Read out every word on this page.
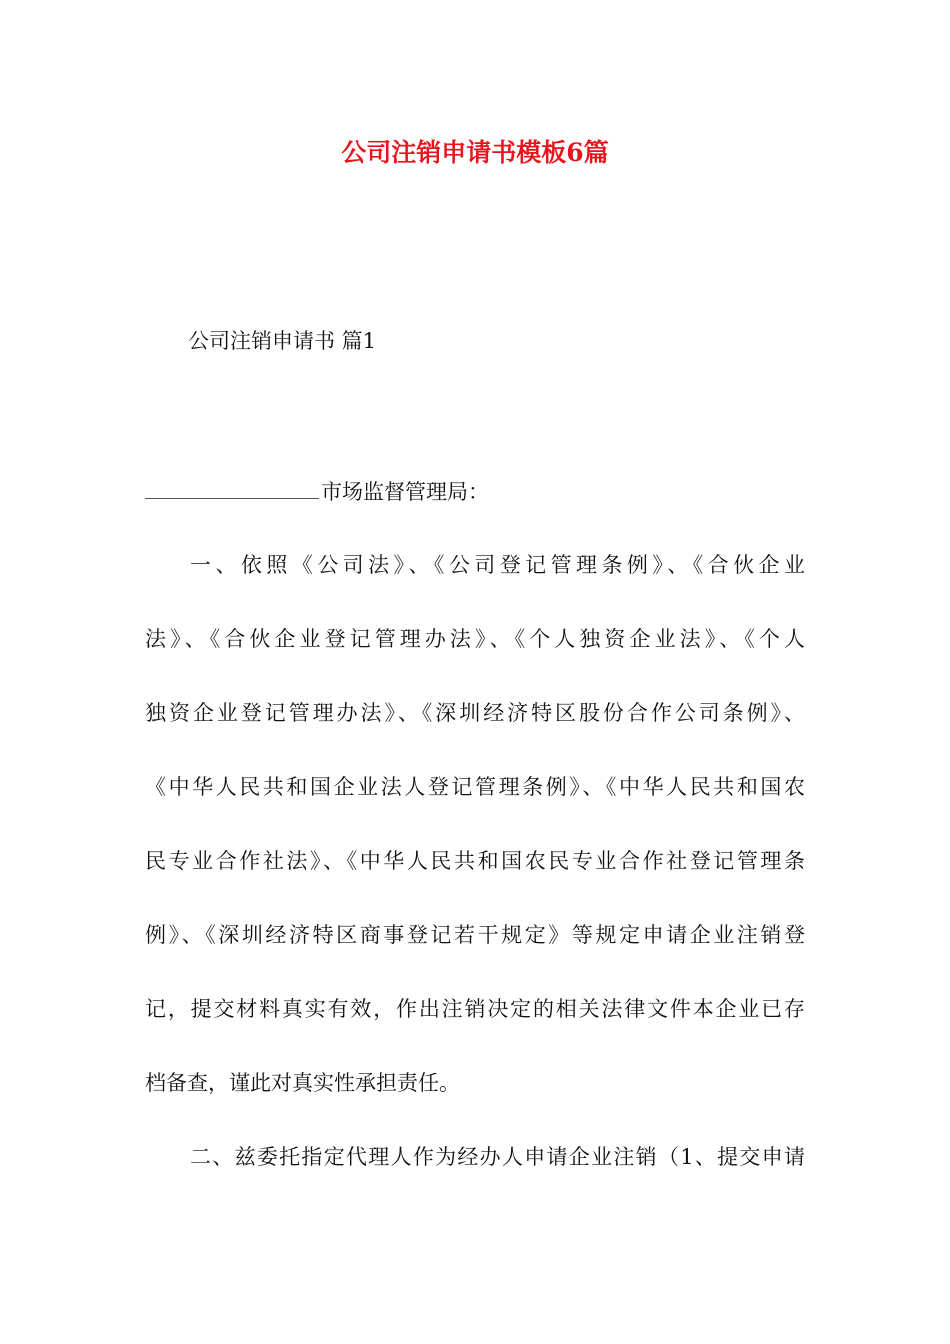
公司注销申请书模板6篇
公司注销申请书 篇1
市场监督管理局：
一、依照《公司法》、《公司登记管理条例》、《合伙企业
法》、《合伙企业登记管理办法》、《个人独资企业法》、《个人
独资企业登记管理办法》、《深圳经济特区股份合作公司条例》、
《中华人民共和国企业法人登记管理条例》、《中华人民共和国农
民专业合作社法》、《中华人民共和国农民专业合作社登记管理条
例》、《深圳经济特区商事登记若干规定》等规定申请企业注销登
记，提交材料真实有效，作出注销决定的相关法律文件本企业已存
档备查，谨此对真实性承担责任。
二、兹委托指定代理人作为经办人申请企业注销（1、提交申请
